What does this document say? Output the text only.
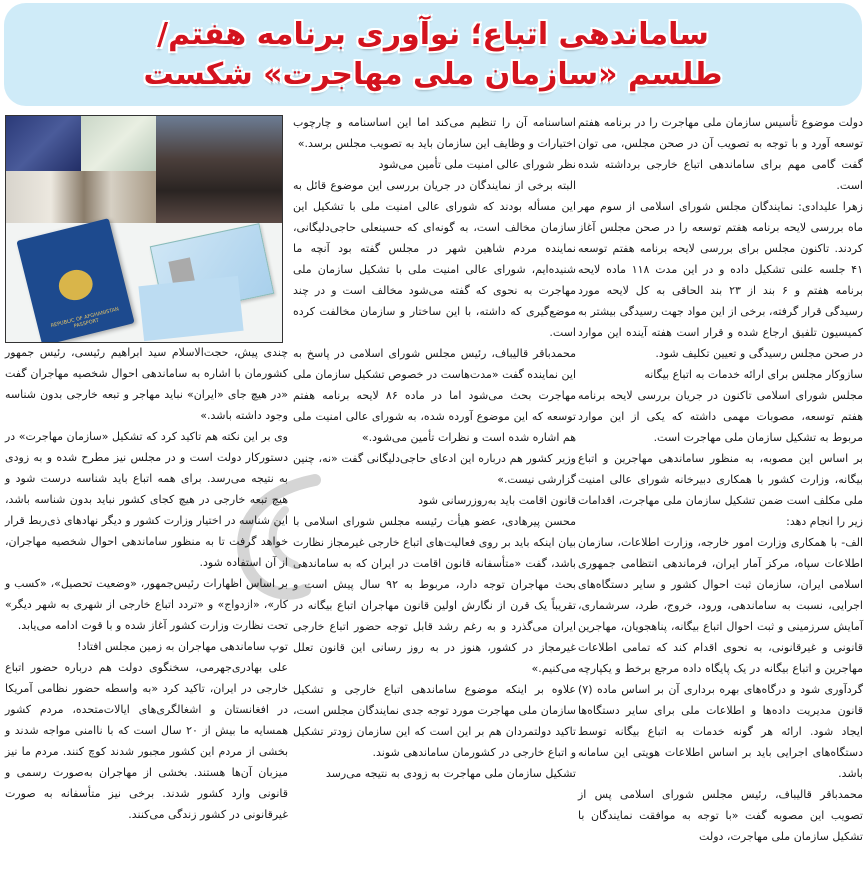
ساماندهی اتباع؛ نوآوری برنامه هفتم/
طلسم «سازمان ملی مهاجرت» شکست

دولت موضوع تأسیس سازمان ملی مهاجرت را در برنامه هفتم توسعه آورد و با توجه به تصویب آن در صحن مجلس، می توان گفت گامی مهم برای ساماندهی اتباع خارجی برداشته شده است.

زهرا علیدادی: نمایندگان مجلس شورای اسلامی از سوم مهر ماه بررسی لایحه برنامه هفتم توسعه را در صحن مجلس آغاز کردند. تاکنون مجلس برای بررسی لایحه برنامه هفتم توسعه ۴۱ جلسه علنی تشکیل داده و در این مدت ۱۱۸ ماده لایحه برنامه هفتم و ۶ بند از ۲۳ بند الحاقی به کل لایحه مورد رسیدگی قرار گرفته، برخی از این مواد جهت رسیدگی بیشتر به کمیسیون تلفیق ارجاع شده و قرار است هفته آینده این موارد در صحن مجلس رسیدگی و تعیین تکلیف شود.

سازوکار مجلس برای ارائه خدمات به اتباع بیگانه

مجلس شورای اسلامی تاکنون در جریان بررسی لایحه برنامه هفتم توسعه، مصوبات مهمی داشته که یکی از این موارد مربوط به تشکیل سازمان ملی مهاجرت است.

بر اساس این مصوبه، به منظور ساماندهی مهاجرین و اتباع بیگانه، وزارت کشور با همکاری دبیرخانه شورای عالی امنیت ملی مکلف است ضمن تشکیل سازمان ملی مهاجرت، اقدامات زیر را انجام دهد:

الف- با همکاری وزارت امور خارجه، وزارت اطلاعات، سازمان اطلاعات سپاه، مرکز آمار ایران، فرماندهی انتظامی جمهوری اسلامی ایران، سازمان ثبت احوال کشور و سایر دستگاه‌های اجرایی، نسبت به ساماندهی، ورود، خروج، طرد، سرشماری، آمایش سرزمینی و ثبت احوال اتباع بیگانه، پناهجویان، مهاجرین قانونی و غیرقانونی، به نحوی اقدام کند که تمامی اطلاعات مهاجرین و اتباع بیگانه در یک پایگاه داده مرجع برخط و یکپارچه گردآوری شود و درگاه‌های بهره برداری آن بر اساس ماده (۷) قانون مدیریت داده‌ها و اطلاعات ملی برای سایر دستگاه‌ها ایجاد شود. ارائه هر گونه خدمات به اتباع بیگانه توسط دستگاه‌های اجرایی باید بر اساس اطلاعات هویتی این سامانه باشد.

محمدباقر قالیباف، رئیس مجلس شورای اسلامی پس از تصویب این مصوبه گفت «با توجه به موافقت نمایندگان با تشکیل سازمان ملی مهاجرت، دولت

اساسنامه آن را تنظیم می‌کند اما این اساسنامه و چارچوب اختیارات و وظایف این سازمان باید به تصویب مجلس برسد.»

نظر شورای عالی امنیت ملی تأمین می‌شود

البته برخی از نمایندگان در جریان بررسی این موضوع قائل به این مسأله بودند که شورای عالی امنیت ملی با تشکیل این سازمان مخالف است، به گونه‌ای که حسینعلی حاجی‌دلیگانی، نماینده مردم شاهین شهر در مجلس گفته بود آنچه ما شنیده‌ایم، شورای عالی امنیت ملی با تشکیل سازمان ملی مهاجرت به نحوی که گفته می‌شود مخالف است و در چند موضع‌گیری که داشته، با این ساختار و سازمان مخالفت کرده است.

محمدباقر قالیباف، رئیس مجلس شورای اسلامی در پاسخ به این نماینده گفت «مدت‌هاست در خصوص تشکیل سازمان ملی مهاجرت بحث می‌شود اما در ماده ۸۶ لایحه برنامه هفتم توسعه که این موضوع آورده شده، به شورای عالی امنیت ملی هم اشاره شده است و نظرات تأمین می‌شود.»

وزیر کشور هم درباره این ادعای حاجی‌دلیگانی گفت «نه، چنین گزارشی نیست.»

قانون اقامت باید به‌روزرسانی شود

محسن پیرهادی، عضو هیأت رئیسه مجلس شورای اسلامی با بیان اینکه باید بر روی فعالیت‌های اتباع خارجی غیرمجاز نظارت باشد، گفت «متأسفانه قانون اقامت در ایران که به ساماندهی بحث مهاجران توجه دارد، مربوط به ۹۲ سال پیش است و تقریباً یک قرن از نگارش اولین قانون مهاجران اتباع بیگانه در ایران می‌گذرد و به رغم رشد قابل توجه حضور اتباع خارجی غیرمجاز در کشور، هنوز در به روز رسانی این قانون تعلل می‌کنیم.»

علاوه بر اینکه موضوع ساماندهی اتباع خارجی و تشکیل سازمان ملی مهاجرت مورد توجه جدی نمایندگان مجلس است، تاکید دولتمردان هم بر این است که این سازمان زودتر تشکیل و اتباع خارجی در کشورمان ساماندهی شوند.

تشکیل سازمان ملی مهاجرت به زودی به نتیجه می‌رسد

REPUBLIC OF AFGHANISTAN PASSPORT

چندی پیش، حجت‌الاسلام سید ابراهیم رئیسی، رئیس جمهور کشورمان با اشاره به ساماندهی احوال شخصیه مهاجران گفت «در هیچ جای «ایران» نباید مهاجر و تبعه خارجی بدون شناسه وجود داشته باشد.»

وی بر این نکته هم تاکید کرد که تشکیل «سازمان مهاجرت» در دستورکار دولت است و در مجلس نیز مطرح شده و به زودی به نتیجه می‌رسد. برای همه اتباع باید شناسه درست شود و هیچ تبعه خارجی در هیچ کجای کشور نباید بدون شناسه باشد، این شناسه در اختیار وزارت کشور و دیگر نهادهای ذی‌ربط قرار خواهد گرفت تا به منظور ساماندهی احوال شخصیه مهاجران، از آن استفاده شود.

بر اساس اظهارات رئیس‌جمهور، «وضعیت تحصیل»، «کسب و کار»، «ازدواج» و «تردد اتباع خارجی از شهری به شهر دیگر» تحت نظارت وزارت کشور آغاز شده و با قوت ادامه می‌یابد.

توپ ساماندهی مهاجران به زمین مجلس افتاد!

علی بهادری‌جهرمی، سخنگوی دولت هم درباره حضور اتباع خارجی در ایران، تاکید کرد «به واسطه حضور نظامی آمریکا در افغانستان و اشغالگری‌های ایالات‌متحده، مردم کشور همسایه ما بیش از ۲۰ سال است که با ناامنی مواجه شدند و بخشی از مردم این کشور مجبور شدند کوچ کنند. مردم ما نیز میزبان آن‌ها هستند. بخشی از مهاجران به‌صورت رسمی و قانونی وارد کشور شدند. برخی نیز متأسفانه به صورت غیرقانونی در کشور زندگی می‌کنند.
